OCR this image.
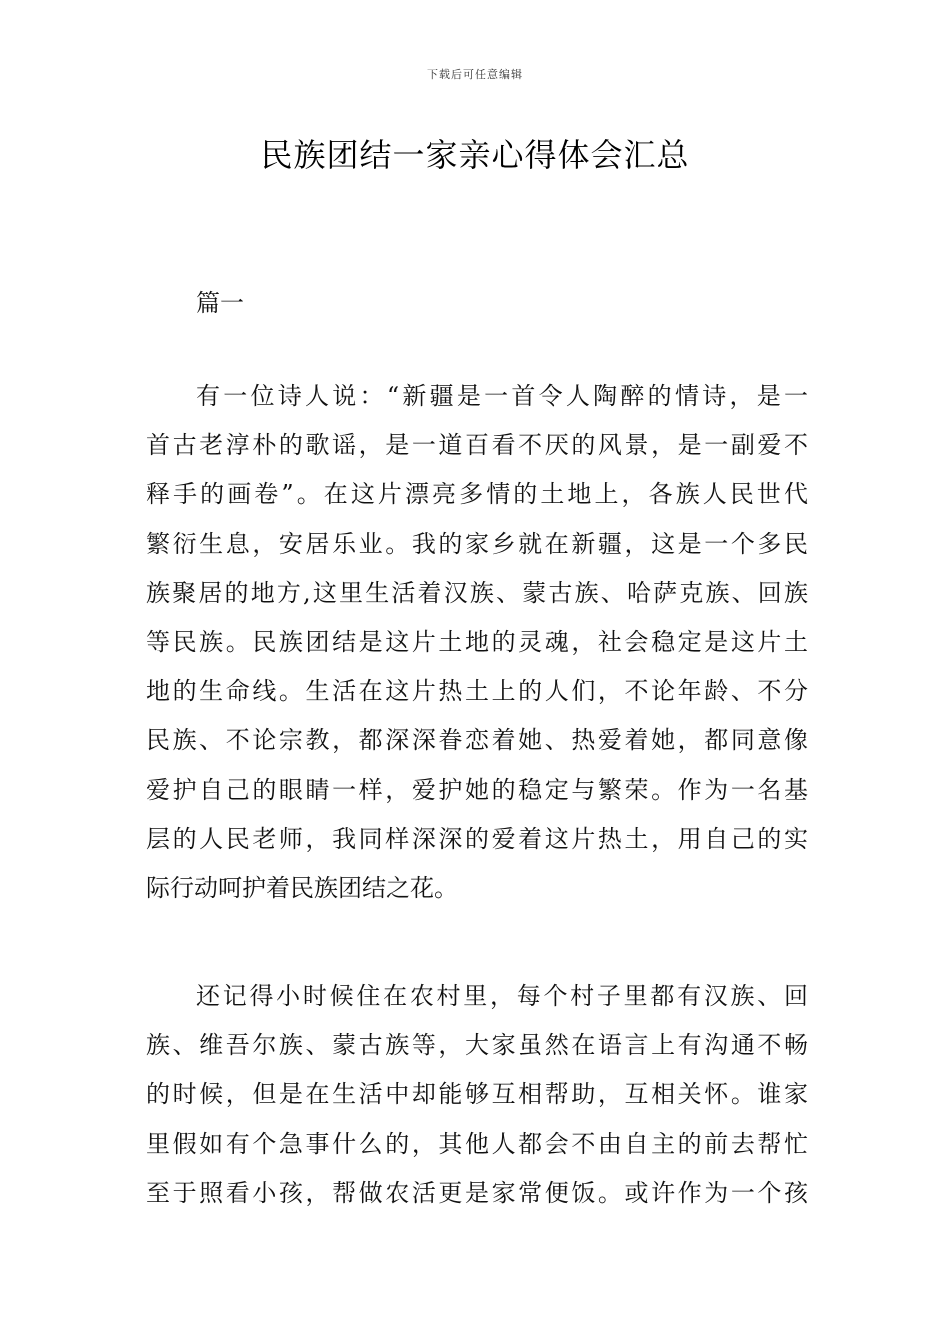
下载后可任意编辑
民族团结一家亲心得体会汇总
篇一

有一位诗人说：“新疆是一首令人陶醉的情诗，是一
首古老淳朴的歌谣，是一道百看不厌的风景，是一副爱不
释手的画卷”。在这片漂亮多情的土地上，各族人民世代
繁衍生息，安居乐业。我的家乡就在新疆，这是一个多民
族聚居的地方,这里生活着汉族、蒙古族、哈萨克族、回族
等民族。民族团结是这片土地的灵魂，社会稳定是这片土
地的生命线。生活在这片热土上的人们，不论年龄、不分
民族、不论宗教，都深深眷恋着她、热爱着她，都同意像
爱护自己的眼睛一样，爱护她的稳定与繁荣。作为一名基
层的人民老师，我同样深深的爱着这片热土，用自己的实
际行动呵护着民族团结之花。

还记得小时候住在农村里，每个村子里都有汉族、回
族、维吾尔族、蒙古族等，大家虽然在语言上有沟通不畅
的时候，但是在生活中却能够互相帮助，互相关怀。谁家
里假如有个急事什么的，其他人都会不由自主的前去帮忙
至于照看小孩，帮做农活更是家常便饭。或许作为一个孩
